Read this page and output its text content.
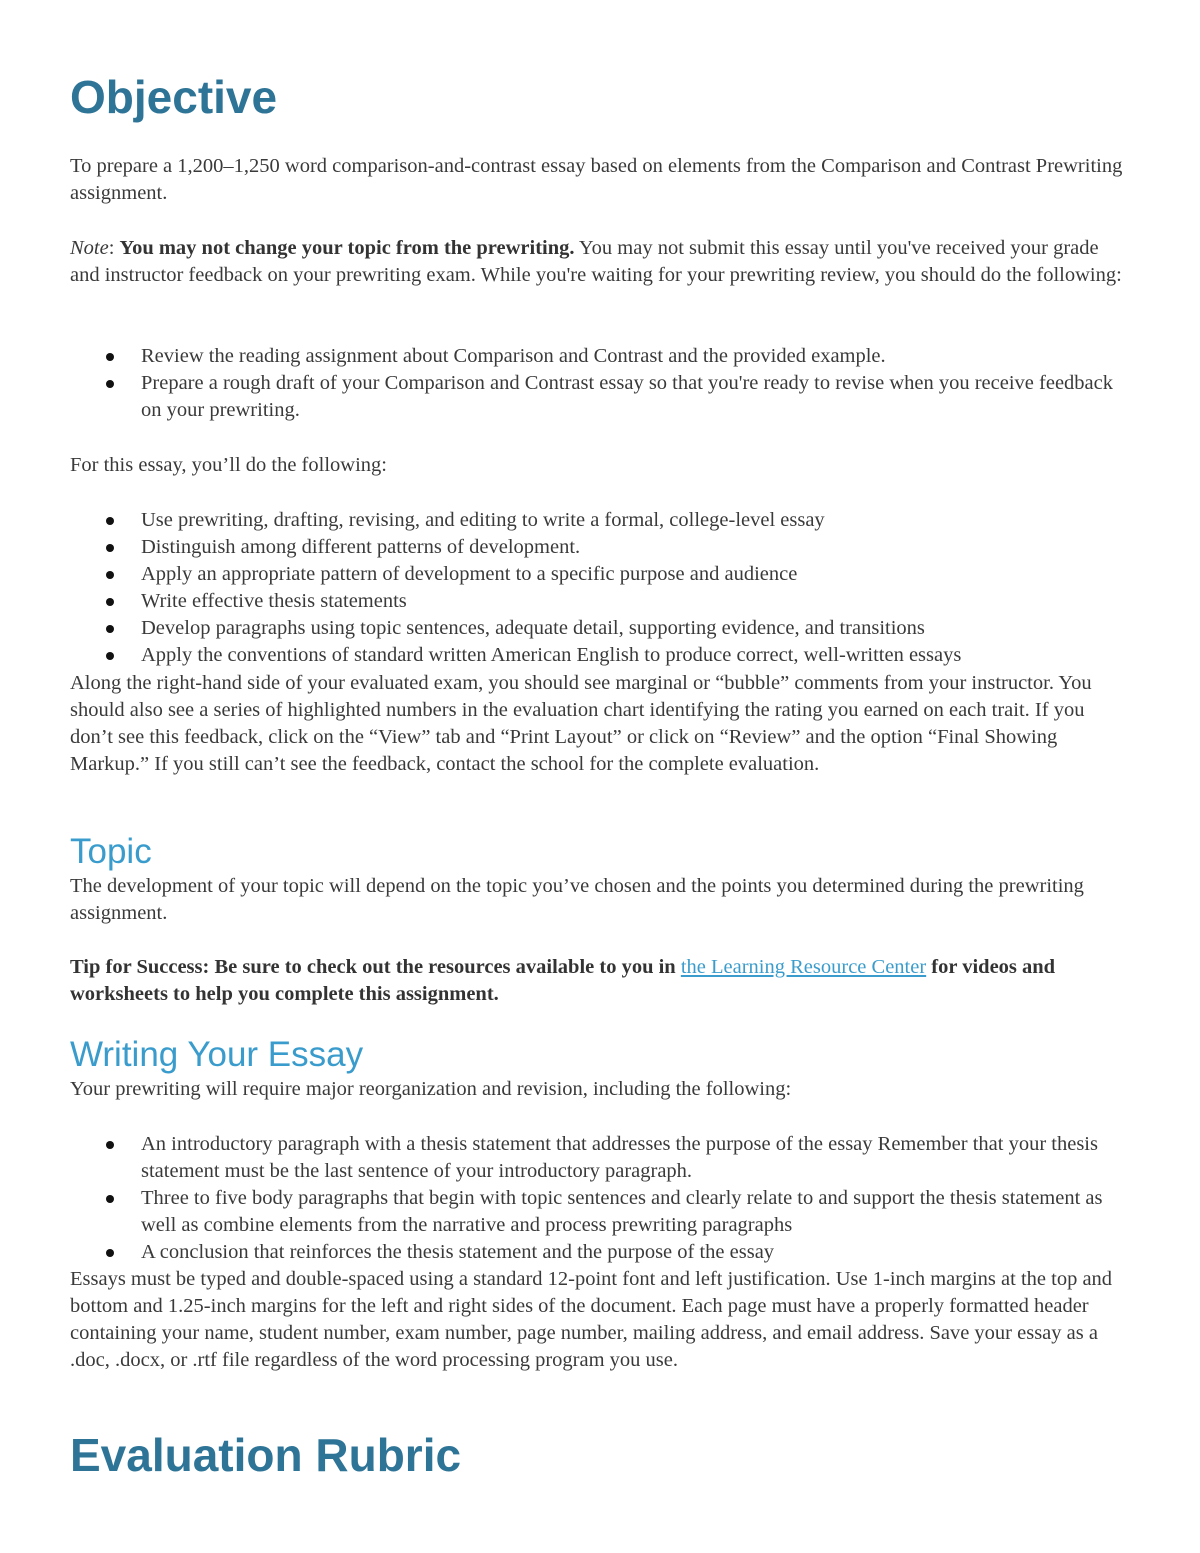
Objective

To prepare a 1,200–1,250 word comparison-and-contrast essay based on elements from the Comparison and Contrast Prewriting assignment.

Note: You may not change your topic from the prewriting. You may not submit this essay until you've received your grade and instructor feedback on your prewriting exam. While you're waiting for your prewriting review, you should do the following:

Review the reading assignment about Comparison and Contrast and the provided example.
Prepare a rough draft of your Comparison and Contrast essay so that you're ready to revise when you receive feedback on your prewriting.

For this essay, you’ll do the following:

Use prewriting, drafting, revising, and editing to write a formal, college-level essay
Distinguish among different patterns of development.
Apply an appropriate pattern of development to a specific purpose and audience
Write effective thesis statements
Develop paragraphs using topic sentences, adequate detail, supporting evidence, and transitions
Apply the conventions of standard written American English to produce correct, well-written essays

Along the right-hand side of your evaluated exam, you should see marginal or “bubble” comments from your instructor. You should also see a series of highlighted numbers in the evaluation chart identifying the rating you earned on each trait. If you don’t see this feedback, click on the “View” tab and “Print Layout” or click on “Review” and the option “Final Showing Markup.” If you still can’t see the feedback, contact the school for the complete evaluation.

Topic

The development of your topic will depend on the topic you’ve chosen and the points you determined during the prewriting assignment.

Tip for Success: Be sure to check out the resources available to you in the Learning Resource Center for videos and worksheets to help you complete this assignment.

Writing Your Essay

Your prewriting will require major reorganization and revision, including the following:

An introductory paragraph with a thesis statement that addresses the purpose of the essay Remember that your thesis statement must be the last sentence of your introductory paragraph.
Three to five body paragraphs that begin with topic sentences and clearly relate to and support the thesis statement as well as combine elements from the narrative and process prewriting paragraphs
A conclusion that reinforces the thesis statement and the purpose of the essay

Essays must be typed and double-spaced using a standard 12-point font and left justification. Use 1-inch margins at the top and bottom and 1.25-inch margins for the left and right sides of the document. Each page must have a properly formatted header containing your name, student number, exam number, page number, mailing address, and email address. Save your essay as a .doc, .docx, or .rtf file regardless of the word processing program you use.

Evaluation Rubric
